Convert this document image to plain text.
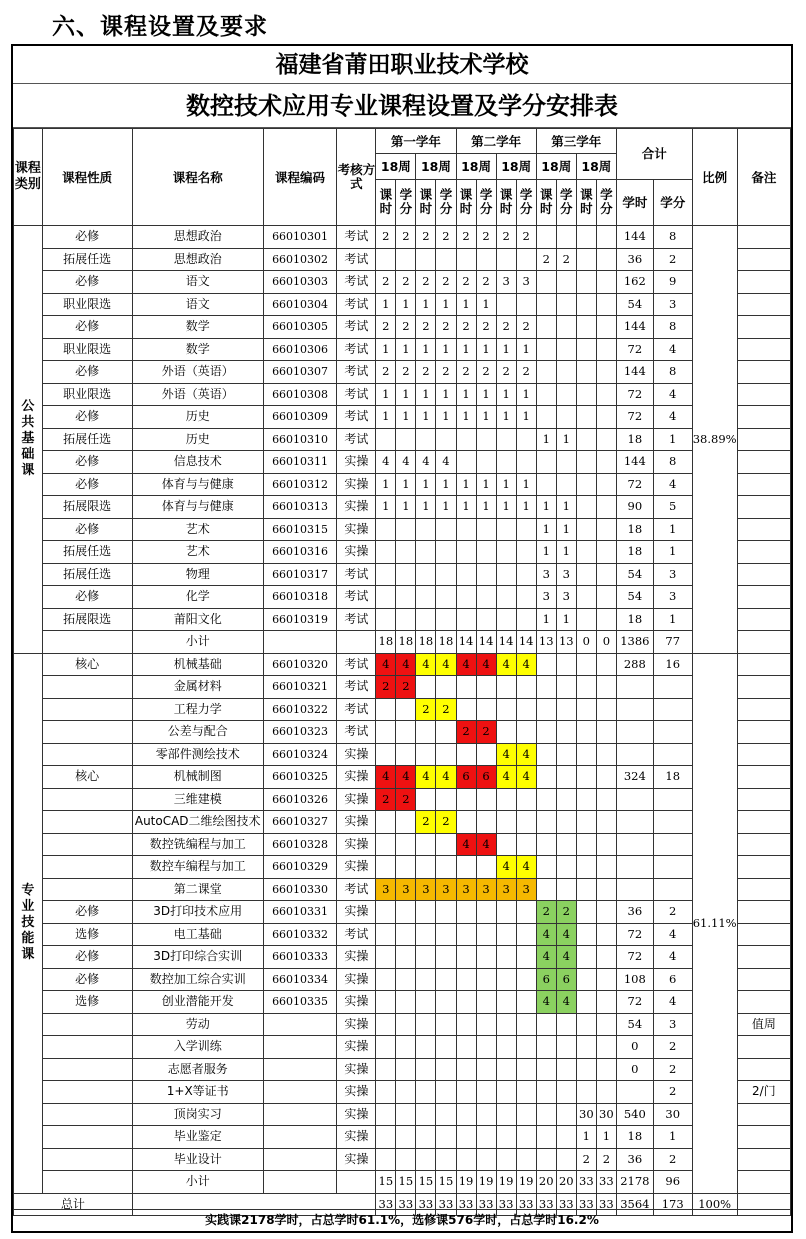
六、课程设置及要求
福建省莆田职业技术学校
数控技术应用专业课程设置及学分安排表
课程类别	课程性质	课程名称	课程编码	考核方式	第一学年				第二学年				第三学年				合计		比例	备注
					18周		18周		18周		18周		18周		18周					
					课时	学分	课时	学分	课时	学分	课时	学分	课时	学分	课时	学分	学时	学分		
公共基础课	必修	思想政治	66010301	考试	2	2	2	2	2	2	2	2					144	8	38.89%	
	拓展任选	思想政治	66010302	考试									2	2			36	2		
	必修	语文	66010303	考试	2	2	2	2	2	2	3	3					162	9		
	职业限选	语文	66010304	考试	1	1	1	1	1	1							54	3		
	必修	数学	66010305	考试	2	2	2	2	2	2	2	2					144	8		
	职业限选	数学	66010306	考试	1	1	1	1	1	1	1	1					72	4		
	必修	外语（英语）	66010307	考试	2	2	2	2	2	2	2	2					144	8		
	职业限选	外语（英语）	66010308	考试	1	1	1	1	1	1	1	1					72	4		
	必修	历史	66010309	考试	1	1	1	1	1	1	1	1					72	4		
	拓展任选	历史	66010310	考试									1	1			18	1		
	必修	信息技术	66010311	实操	4	4	4	4									144	8		
	必修	体育与与健康	66010312	实操	1	1	1	1	1	1	1	1					72	4		
	拓展限选	体育与与健康	66010313	实操	1	1	1	1	1	1	1	1	1	1			90	5		
	必修	艺术	66010315	实操									1	1			18	1		
	拓展任选	艺术	66010316	实操									1	1			18	1		
	拓展任选	物理	66010317	考试									3	3			54	3		
	必修	化学	66010318	考试									3	3			54	3		
	拓展限选	莆阳文化	66010319	考试									1	1			18	1		
		小计			18	18	18	18	14	14	14	14	13	13	0	0	1386	77		
专业技能课	核心	机械基础	66010320	考试	4	4	4	4	4	4	4	4					288	16	61.11%	
		金属材料	66010321	考试	2	2														
		工程力学	66010322	考试			2	2												
		公差与配合	66010323	考试					2	2										
		零部件测绘技术	66010324	实操							4	4								
	核心	机械制图	66010325	实操	4	4	4	4	6	6	4	4					324	18		
		三维建模	66010326	实操	2	2														
		AutoCAD二维绘图技术	66010327	实操			2	2												
		数控铣编程与加工	66010328	实操					4	4										
		数控车编程与加工	66010329	实操							4	4								
		第二课堂	66010330	考试	3	3	3	3	3	3	3	3								
	必修	3D打印技术应用	66010331	实操									2	2			36	2		
	选修	电工基础	66010332	考试									4	4			72	4		
	必修	3D打印综合实训	66010333	实操									4	4			72	4		
	必修	数控加工综合实训	66010334	实操									6	6			108	6		
	选修	创业潜能开发	66010335	实操									4	4			72	4		
		劳动		实操													54	3		值周
		入学训练		实操													0	2		
		志愿者服务		实操													0	2		
		1+X等证书		实操														2		2/门
		顶岗实习		实操											30	30	540	30		
		毕业鉴定		实操											1	1	18	1		
		毕业设计		实操											2	2	36	2		
		小计			15	15	15	15	19	19	19	19	20	20	33	33	2178	96		
总计					33	33	33	33	33	33	33	33	33	33	33	33	3564	173	100%	
实践课2178学时，占总学时61.1%，选修课576学时，占总学时16.2%
